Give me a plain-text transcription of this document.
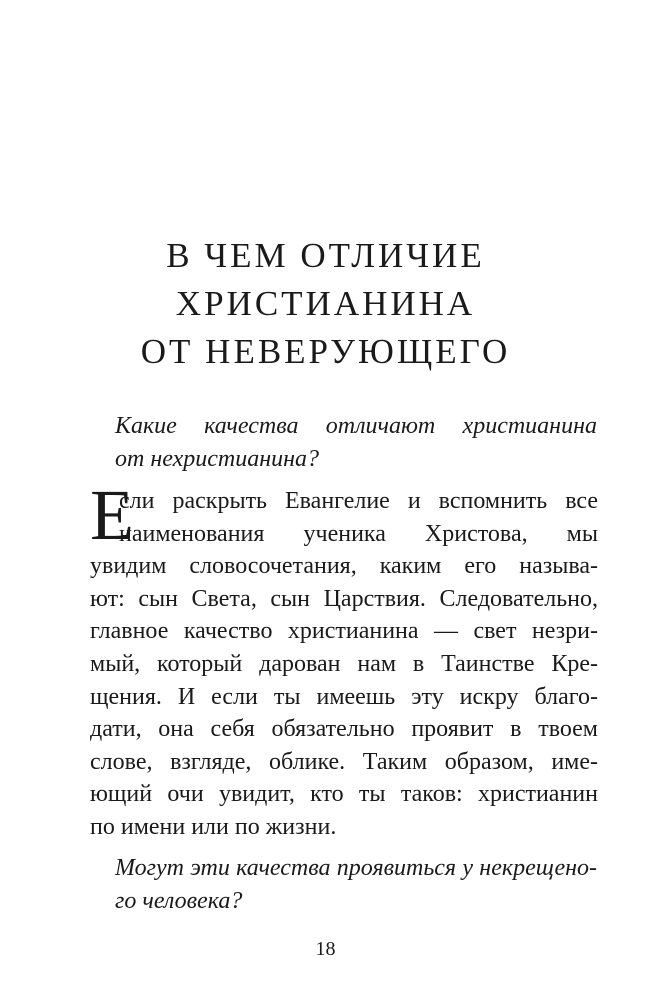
В ЧЕМ ОТЛИЧИЕ
ХРИСТИАНИНА
ОТ НЕВЕРУЮЩЕГО

Какие качества отличают христианина
от нехристианина?

Е
сли раскрыть Евангелие и вспомнить все
наименования ученика Христова, мы
увидим словосочетания, каким его называ-
ют: сын Света, сын Царствия. Следовательно,
главное качество христианина — свет незри-
мый, который дарован нам в Таинстве Кре-
щения. И если ты имеешь эту искру благо-
дати, она себя обязательно проявит в твоем
слове, взгляде, облике. Таким образом, име-
ющий очи увидит, кто ты таков: христианин
по имени или по жизни.

Могут эти качества проявиться у некрещено-
го человека?

18
